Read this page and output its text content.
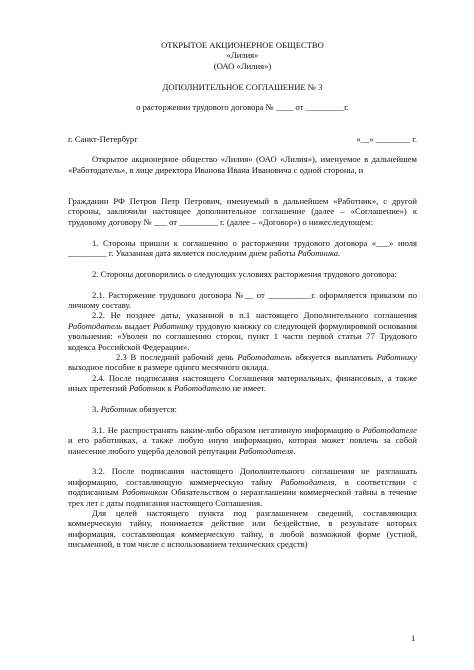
ОТКРЫТОЕ АКЦИОНЕРНОЕ ОБЩЕСТВО
«Лилия»
(ОАО «Лилия»)
ДОПОЛНИТЕЛЬНОЕ СОГЛАШЕНИЕ № 3
о расторжении трудового договора № ____ от _________г.
г. Санкт-Петербург	«__» ________ г.
Открытое акционерное общество «Лилия» (ОАО «Лилия»), именуемое в дальнейшем «Работодатель», в лице директора Иванова Ивана Ивановича с одной стороны, и
Гражданин РФ Петров Петр Петрович, именуемый в дальнейшем «Работник», с другой стороны, заключили настоящее дополнительное соглашение (далее – «Соглашение») к трудовому договору № ___ от _________ г. (далее – «Договор») о нижеследующем:
1. Стороны пришли к соглашению о расторжении трудового договора «___» июля _________ г. Указанная дата является последним днем работы Работника.
2. Стороны договорились о следующих условиях расторжения трудового договора:
2.1. Расторжение трудового договора №__ от __________г. оформляется приказом по личному составу.
2.2. Не позднее даты, указанной в п.1 настоящего Дополнительного соглашения Работодатель выдает Работнику трудовую книжку со следующей формулировкой основания увольнения: «Уволен по соглашению сторон, пункт 1 части первой статьи 77 Трудового кодекса Российской Федерации».
2.3 В последний рабочий день Работодатель обязуется выплатить Работнику выходное пособие в размере одного месячного оклада.
2.4. После подписания настоящего Соглашения материальных, финансовых, а также иных претензий Работник к Работодателю не имеет.
3. Работник обязуется:
3.1. Не распространять каким-либо образом негативную информацию о Работодателе и его работниках, а также любую иную информацию, которая может повлечь за собой нанесение любого ущерба деловой репутации Работодателя.
3.2. После подписания настоящего Дополнительного соглашения не разглашать информацию, составляющую коммерческую тайну Работодателя, в соответствии с подписанным Работником Обязательством о неразглашении коммерческой тайны в течение трех лет с даты подписания настоящего Соглашения.
Для целей настоящего пункта под разглашением сведений, составляющих коммерческую тайну, понимается действие или бездействие, в результате которых информация, составляющая коммерческую тайну, в любой возможной форме (устной, письменной, в том числе с использованием технических средств)
1
